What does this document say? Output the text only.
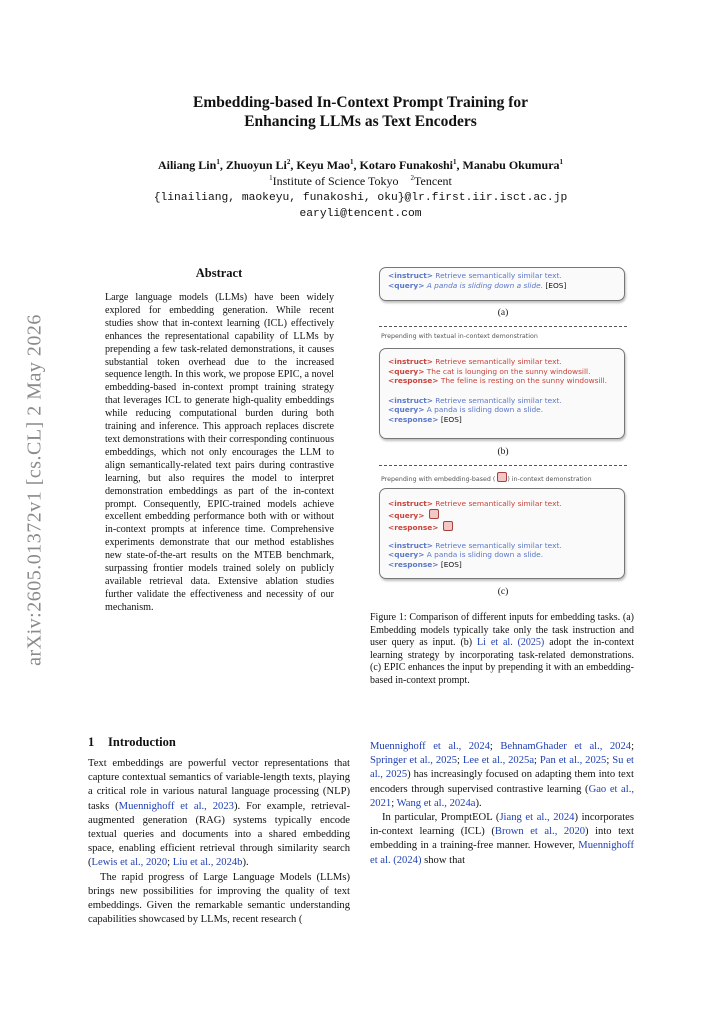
arXiv:2605.01372v1 [cs.CL] 2 May 2026
Embedding-based In-Context Prompt Training for
Enhancing LLMs as Text Encoders
Ailiang Lin$^1$, Zhuoyun Li$^2$, Keyu Mao$^1$, Kotaro Funakoshi$^1$, Manabu Okumura$^1$
$^1$Institute of Science Tokyo $^2$Tencent
{linailiang, maokeyu, funakoshi, oku}@lr.first.iir.isct.ac.jp
earyli@tencent.com
Abstract
Large language models (LLMs) have been widely explored for embedding generation. While recent studies show that in-context learning (ICL) effectively enhances the representational capability of LLMs by prepending a few task-related demonstrations, it causes substantial token overhead due to the increased sequence length. In this work, we propose EPIC, a novel embedding-based in-context prompt training strategy that leverages ICL to generate high-quality embeddings while reducing computational burden during both training and inference. This approach replaces discrete text demonstrations with their corresponding continuous embeddings, which not only encourages the LLM to align semantically-related text pairs during contrastive learning, but also requires the model to interpret demonstration embeddings as part of the in-context prompt. Consequently, EPIC-trained models achieve excellent embedding performance both with or without in-context prompts at inference time. Comprehensive experiments demonstrate that our method establishes new state-of-the-art results on the MTEB benchmark, surpassing frontier models trained solely on publicly available retrieval data. Extensive ablation studies further validate the effectiveness and necessity of our mechanism.
<instruct> Retrieve semantically similar text.
<query> A panda is sliding down a slide. [EOS]
(a)
Prepending with textual in-context demonstration
<instruct> Retrieve semantically similar text.
<query> The cat is lounging on the sunny windowsill.
<response> The feline is resting on the sunny windowsill.
<instruct> Retrieve semantically similar text.
<query> A panda is sliding down a slide.
<response> [EOS]
(b)
Prepending with embedding-based ( ) in-context demonstration
<instruct> Retrieve semantically similar text.
<query>
<response>
<instruct> Retrieve semantically similar text.
<query> A panda is sliding down a slide.
<response> [EOS]
(c)
Figure 1: Comparison of different inputs for embedding tasks. (a) Embedding models typically take only the task instruction and user query as input. (b) Li et al. (2025) adopt the in-context learning strategy by incorporating task-related demonstrations. (c) EPIC enhances the input by prepending it with an embedding-based in-context prompt.
1 Introduction

Text embeddings are powerful vector representations that capture contextual semantics of variable-length texts, playing a critical role in various natural language processing (NLP) tasks (Muennighoff et al., 2023). For example, retrieval-augmented generation (RAG) systems typically encode textual queries and documents into a shared embedding space, enabling efficient retrieval through similarity search (Lewis et al., 2020; Liu et al., 2024b).

The rapid progress of Large Language Models (LLMs) brings new possibilities for improving the quality of text embeddings. Given the remarkable semantic understanding capabilities showcased by LLMs, recent research (

Muennighoff et al., 2024; BehnamGhader et al., 2024; Springer et al., 2025; Lee et al., 2025a; Pan et al., 2025; Su et al., 2025) has increasingly focused on adapting them into text encoders through supervised contrastive learning (Gao et al., 2021; Wang et al., 2024a).

In particular, PromptEOL (Jiang et al., 2024) incorporates in-context learning (ICL) (Brown et al., 2020) into text embedding in a training-free manner. However, Muennighoff et al. (2024) show that
